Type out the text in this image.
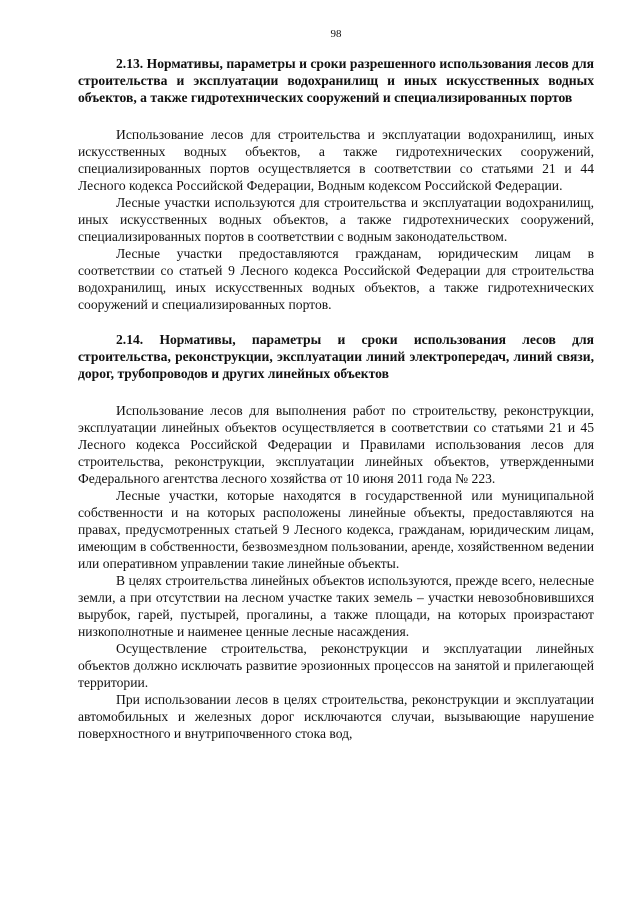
98

2.13. Нормативы, параметры и сроки разрешенного использования лесов для строительства и эксплуатации водохранилищ и иных искусственных водных объектов, а также гидротехнических сооружений и специализированных портов

Использование лесов для строительства и эксплуатации водохранилищ, иных искусственных водных объектов, а также гидротехнических сооружений, специализированных портов осуществляется в соответствии со статьями 21 и 44 Лесного кодекса Российской Федерации, Водным кодексом Российской Федерации.

Лесные участки используются для строительства и эксплуатации водохранилищ, иных искусственных водных объектов, а также гидротехнических сооружений, специализированных портов в соответствии с водным законодательством.

Лесные участки предоставляются гражданам, юридическим лицам в соответствии со статьей 9 Лесного кодекса Российской Федерации для строительства водохранилищ, иных искусственных водных объектов, а также гидротехнических сооружений и специализированных портов.

2.14. Нормативы, параметры и сроки использования лесов для строительства, реконструкции, эксплуатации линий электропередач, линий связи, дорог, трубопроводов и других линейных объектов

Использование лесов для выполнения работ по строительству, реконструкции, эксплуатации линейных объектов осуществляется в соответствии со статьями 21 и 45 Лесного кодекса Российской Федерации и Правилами использования лесов для строительства, реконструкции, эксплуатации линейных объектов, утвержденными Федерального агентства лесного хозяйства от 10 июня 2011 года № 223.

Лесные участки, которые находятся в государственной или муниципальной собственности и на которых расположены линейные объекты, предоставляются на правах, предусмотренных статьей 9 Лесного кодекса, гражданам, юридическим лицам, имеющим в собственности, безвозмездном пользовании, аренде, хозяйственном ведении или оперативном управлении такие линейные объекты.

В целях строительства линейных объектов используются, прежде всего, нелесные земли, а при отсутствии на лесном участке таких земель – участки невозобновившихся вырубок, гарей, пустырей, прогалины, а также площади, на которых произрастают низкополнотные и наименее ценные лесные насаждения.

Осуществление строительства, реконструкции и эксплуатации линейных объектов должно исключать развитие эрозионных процессов на занятой и прилегающей территории.

При использовании лесов в целях строительства, реконструкции и эксплуатации автомобильных и железных дорог исключаются случаи, вызывающие нарушение поверхностного и внутрипочвенного стока вод,
